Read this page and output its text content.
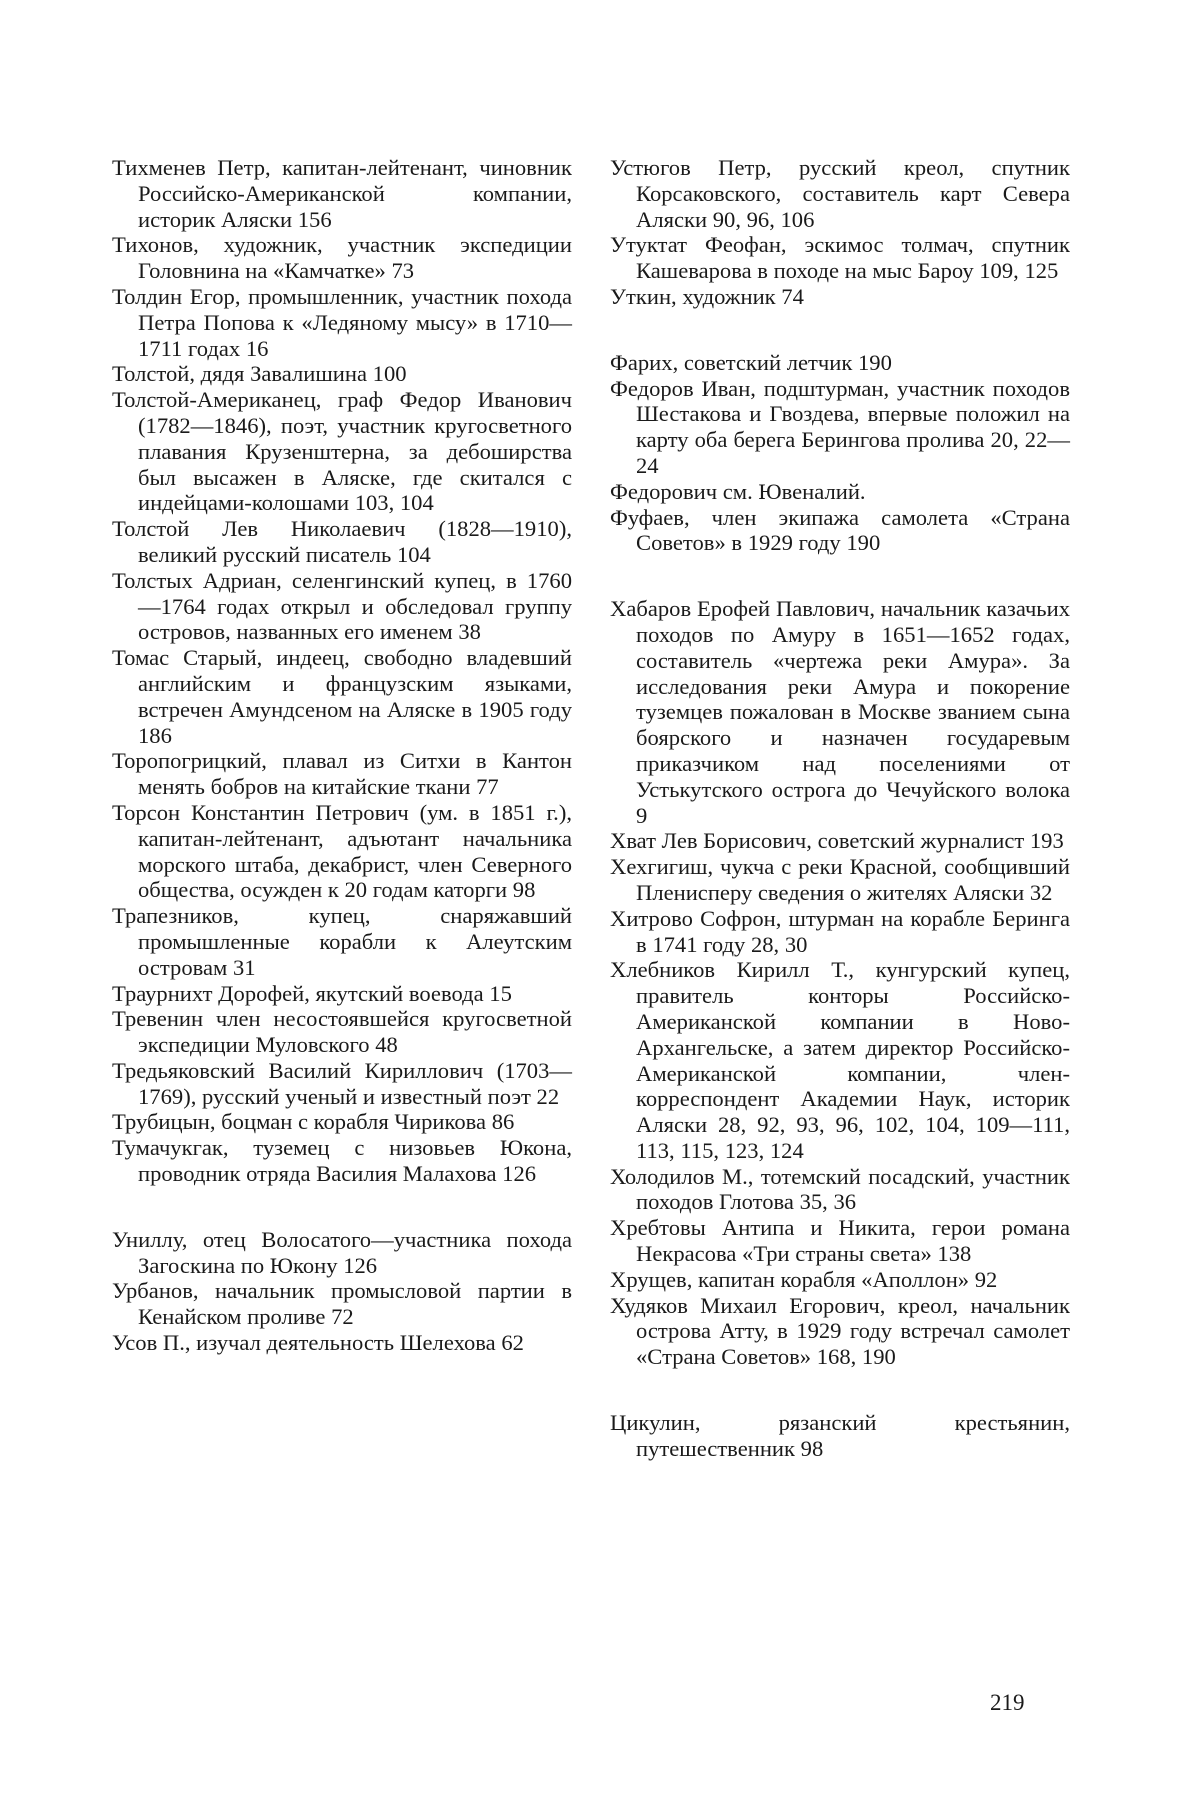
Тихменев Петр, капитан-лейтенант, чиновник Российско-Американской компании, историк Аляски 156

Тихонов, художник, участник экспедиции Головнина на «Камчатке» 73

Толдин Егор, промышленник, участник похода Петра Попова к «Ледяному мысу» в 1710—1711 годах 16

Толстой, дядя Завалишина 100

Толстой-Американец, граф Федор Иванович (1782—1846), поэт, участник кругосветного плавания Крузенштерна, за дебоширства был высажен в Аляске, где скитался с индейцами-колошами 103, 104

Толстой Лев Николаевич (1828—1910), великий русский писатель 104

Толстых Адриан, селенгинский купец, в 1760—1764 годах открыл и обследовал группу островов, названных его именем 38

Томас Старый, индеец, свободно владевший английским и французским языками, встречен Амундсеном на Аляске в 1905 году 186

Торопогрицкий, плавал из Ситхи в Кантон менять бобров на китайские ткани 77

Торсон Константин Петрович (ум. в 1851 г.), капитан-лейтенант, адъютант начальника морского штаба, декабрист, член Северного общества, осужден к 20 годам каторги 98

Трапезников, купец, снаряжавший промышленные корабли к Алеутским островам 31

Траурнихт Дорофей, якутский воевода 15

Тревенин член несостоявшейся кругосветной экспедиции Муловского 48

Тредьяковский Василий Кириллович (1703—1769), русский ученый и известный поэт 22

Трубицын, боцман с корабля Чирикова 86

Тумачукгак, туземец с низовьев Юкона, проводник отряда Василия Малахова 126

Униллу, отец Волосатого—участника похода Загоскина по Юкону 126

Урбанов, начальник промысловой партии в Кенайском проливе 72

Усов П., изучал деятельность Шелехова 62

Устюгов Петр, русский креол, спутник Корсаковского, составитель карт Севера Аляски 90, 96, 106

Утуктат Феофан, эскимос толмач, спутник Кашеварова в походе на мыс Бароу 109, 125

Уткин, художник 74

Фарих, советский летчик 190

Федоров Иван, подштурман, участник походов Шестакова и Гвоздева, впервые положил на карту оба берега Берингова пролива 20, 22—24

Федорович см. Ювеналий.

Фуфаев, член экипажа самолета «Страна Советов» в 1929 году 190

Хабаров Ерофей Павлович, начальник казачьих походов по Амуру в 1651—1652 годах, составитель «чертежа реки Амура». За исследования реки Амура и покорение туземцев пожалован в Москве званием сына боярского и назначен государевым приказчиком над поселениями от Устькутского острога до Чечуйского волока 9

Хват Лев Борисович, советский журналист 193

Хехгигиш, чукча с реки Красной, сообщивший Пленисперу сведения о жителях Аляски 32

Хитрово Софрон, штурман на корабле Беринга в 1741 году 28, 30

Хлебников Кирилл Т., кунгурский купец, правитель конторы Российско-Американской компании в Ново-Архангельске, а затем директор Российско-Американской компании, член-корреспондент Академии Наук, историк Аляски 28, 92, 93, 96, 102, 104, 109—111, 113, 115, 123, 124

Холодилов М., тотемский посадский, участник походов Глотова 35, 36

Хребтовы Антипа и Никита, герои романа Некрасова «Три страны света» 138

Хрущев, капитан корабля «Аполлон» 92

Худяков Михаил Егорович, креол, начальник острова Атту, в 1929 году встречал самолет «Страна Советов» 168, 190

Цикулин, рязанский крестьянин, путешественник 98

219
